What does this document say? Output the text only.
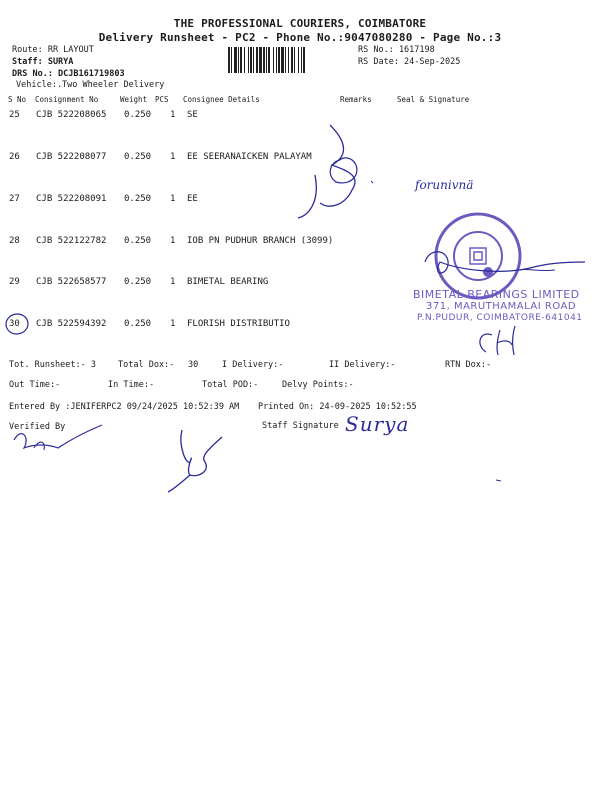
THE PROFESSIONAL COURIERS, COIMBATORE
Delivery Runsheet - PC2 - Phone No.:9047080280 - Page No.:3
Route: RR LAYOUT
Staff: SURYA
DRS No.: DCJB161719803
Vehicle:.Two Wheeler Delivery
RS No.: 1617198
RS Date: 24-Sep-2025
S No Consignment No	Weight PCS Consignee Details	Remarks	Seal & Signature
25 CJB 522208065 0.250 1 SE
26 CJB 522208077 0.250 1 EE SEERANAICKEN PALAYAM
27 CJB 522208091 0.250 1 EE
28 CJB 522122782 0.250 1 IOB PN PUDHUR BRANCH (3099)
29 CJB 522658577 0.250 1 BIMETAL BEARING
30 CJB 522594392 0.250 1 FLORISH DISTRIBUTIO
Tot. Runsheet:- 3	Total Dox:- 30	I Delivery:-	II Delivery:-	RTN Dox:-
Out Time:-	In Time:-	Total POD:-	Delvy Points:-
Entered By :JENIFERPC2 09/24/2025 10:52:39 AM Printed On: 24-09-2025 10:52:55
Verified By	Staff Signature
forunivnä
Surya
BIMETAL BEARINGS LIMITED
371, MARUTHAMALAI ROAD
P.N.PUDUR, COIMBATORE-641041
